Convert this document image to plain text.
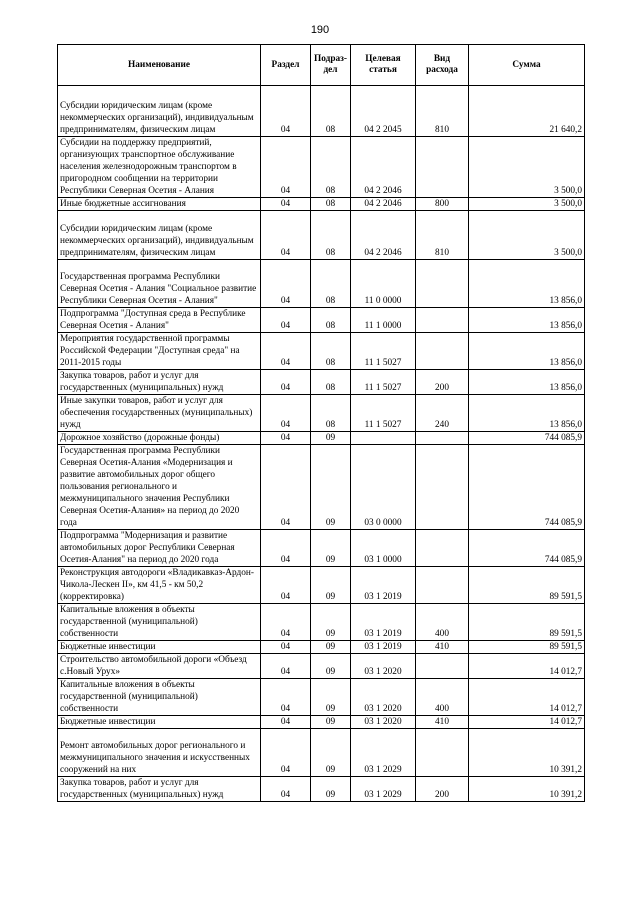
190
Наименование	Раздел	Подраз-дел	Целевая статья	Вид расхода	Сумма
Субсидии юридическим лицам (кроме некоммерческих организаций), индивидуальным предпринимателям, физическим лицам	04	08	04 2 2045	810	21 640,2
Субсидии на поддержку предприятий, организующих транспортное обслуживание населения железнодорожным транспортом в пригородном сообщении на территории Республики Северная Осетия - Алания	04	08	04 2 2046		3 500,0
Иные бюджетные ассигнования	04	08	04 2 2046	800	3 500,0
Субсидии юридическим лицам (кроме некоммерческих организаций), индивидуальным предпринимателям, физическим лицам	04	08	04 2 2046	810	3 500,0
Государственная программа Республики Северная Осетия - Алания "Социальное развитие Республики Северная Осетия - Алания"	04	08	11 0 0000		13 856,0
Подпрограмма "Доступная среда в Республике Северная Осетия - Алания"	04	08	11 1 0000		13 856,0
Мероприятия государственной программы Российской Федерации "Доступная среда" на 2011-2015 годы	04	08	11 1 5027		13 856,0
Закупка товаров, работ и услуг для государственных (муниципальных) нужд	04	08	11 1 5027	200	13 856,0
Иные закупки товаров, работ и услуг для обеспечения государственных (муниципальных) нужд	04	08	11 1 5027	240	13 856,0
Дорожное хозяйство (дорожные фонды)	04	09			744 085,9
Государственная программа Республики Северная Осетия-Алания «Модернизация и развитие автомобильных дорог общего пользования регионального и межмуниципального значения Республики Северная Осетия-Алания» на период до 2020 года	04	09	03 0 0000		744 085,9
Подпрограмма "Модернизация и развитие автомобильных дорог Республики Северная Осетия-Алания" на период до 2020 года	04	09	03 1 0000		744 085,9
Реконструкция автодороги «Владикавказ-Ардон-Чикола-Лескен II», км 41,5 - км 50,2 (корректировка)	04	09	03 1 2019		89 591,5
Капитальные вложения в объекты государственной (муниципальной) собственности	04	09	03 1 2019	400	89 591,5
Бюджетные инвестиции	04	09	03 1 2019	410	89 591,5
Строительство автомобильной дороги «Объезд с.Новый Урух»	04	09	03 1 2020		14 012,7
Капитальные вложения в объекты государственной (муниципальной) собственности	04	09	03 1 2020	400	14 012,7
Бюджетные инвестиции	04	09	03 1 2020	410	14 012,7
Ремонт автомобильных дорог регионального и межмуниципального значения и искусственных сооружений на них	04	09	03 1 2029		10 391,2
Закупка товаров, работ и услуг для государственных (муниципальных) нужд	04	09	03 1 2029	200	10 391,2
